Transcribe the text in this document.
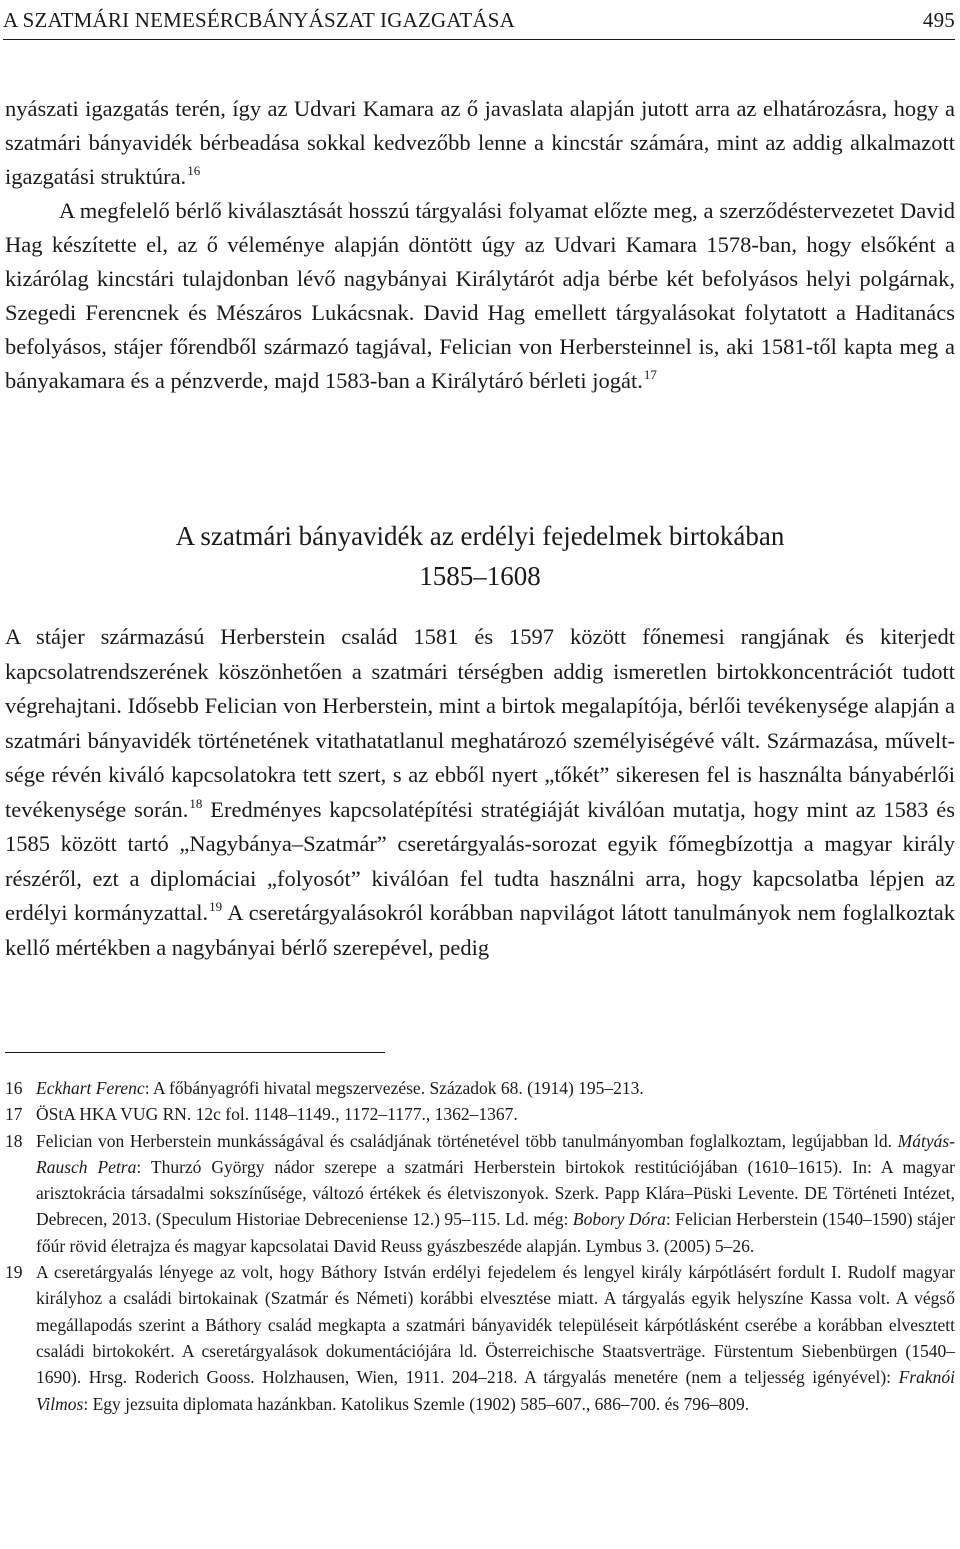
A SZATMÁRI NEMESÉRCBÁNYÁSZAT IGAZGATÁSA	495

nyászati igazgatás terén, így az Udvari Kamara az ő javaslata alapján jutott arra az elhatározásra, hogy a szatmári bányavidék bérbeadása sokkal kedvezőbb lenne a kincstár számára, mint az addig alkalmazott igazgatási struktúra.$^{16}$

A megfelelő bérlő kiválasztását hosszú tárgyalási folyamat előzte meg, a szerződéstervezetet David Hag készítette el, az ő véleménye alapján döntött úgy az Udvari Kamara 1578-ban, hogy elsőként a kizárólag kincstári tulajdonban lévő nagybányai Királytárót adja bérbe két befolyásos helyi polgárnak, Szegedi Ferencnek és Mészáros Lukácsnak. David Hag emellett tárgyalásokat folytatott a Haditanács befolyásos, stájer főrendből származó tagjával, Felician von Herbersteinnel is, aki 1581-től kapta meg a bányakamara és a pénzverde, majd 1583-ban a Királytáró bérleti jogát.$^{17}$

A szatmári bányavidék az erdélyi fejedelmek birtokában
1585–1608

A stájer származású Herberstein család 1581 és 1597 között főnemesi rangjának és kiterjedt kapcsolatrendszerének köszönhetően a szatmári térségben addig ismeretlen birtokkoncentrációt tudott végrehajtani. Idősebb Felician von Herberstein, mint a birtok megalapítója, bérlői tevékenysége alapján a szatmári bányavidék történetének vitathatatlanul meghatározó személyiségévé vált. Származása, műveltsége révén kiváló kapcsolatokra tett szert, s az ebből nyert „tőkét” sikeresen fel is használta bányabérlői tevékenysége során.$^{18}$ Eredményes kapcsolatépítési stratégiáját kiválóan mutatja, hogy mint az 1583 és 1585 között tartó „Nagybánya–Szatmár” cseretárgyalás-sorozat egyik főmegbízottja a magyar király részéről, ezt a diplomáciai „folyosót” kiválóan fel tudta használni arra, hogy kapcsolatba lépjen az erdélyi kormányzattal.$^{19}$ A cseretárgyalásokról korábban napvilágot látott tanulmányok nem foglalkoztak kellő mértékben a nagybányai bérlő szerepével, pedig

16 Eckhart Ferenc: A főbányagrófi hivatal megszervezése. Századok 68. (1914) 195–213.
17 ÖStA HKA VUG RN. 12c fol. 1148–1149., 1172–1177., 1362–1367.
18 Felician von Herberstein munkásságával és családjának történetével több tanulmányomban foglalkoztam, legújabban ld. Mátyás-Rausch Petra: Thurzó György nádor szerepe a szatmári Herberstein birtokok restitúciójában (1610–1615). In: A magyar arisztokrácia társadalmi sokszínűsége, változó értékek és életviszonyok. Szerk. Papp Klára–Püski Levente. DE Történeti Intézet, Debrecen, 2013. (Speculum Historiae Debreceniense 12.) 95–115. Ld. még: Bobory Dóra: Felician Herberstein (1540–1590) stájer főúr rövid életrajza és magyar kapcsolatai David Reuss gyászbeszéde alapján. Lymbus 3. (2005) 5–26.
19 A cseretárgyalás lényege az volt, hogy Báthory István erdélyi fejedelem és lengyel király kárpótlásért fordult I. Rudolf magyar királyhoz a családi birtokainak (Szatmár és Németi) korábbi elvesztése miatt. A tárgyalás egyik helyszíne Kassa volt. A végső megállapodás szerint a Báthory család megkapta a szatmári bányavidék településeit kárpótlásként cserébe a korábban elvesztett családi birtokokért. A cseretárgyalások dokumentációjára ld. Österreichische Staatsverträge. Fürstentum Siebenbürgen (1540–1690). Hrsg. Roderich Gooss. Holzhausen, Wien, 1911. 204–218. A tárgyalás menetére (nem a teljesség igényével): Fraknói Vilmos: Egy jezsuita diplomata hazánkban. Katolikus Szemle (1902) 585–607., 686–700. és 796–809.
